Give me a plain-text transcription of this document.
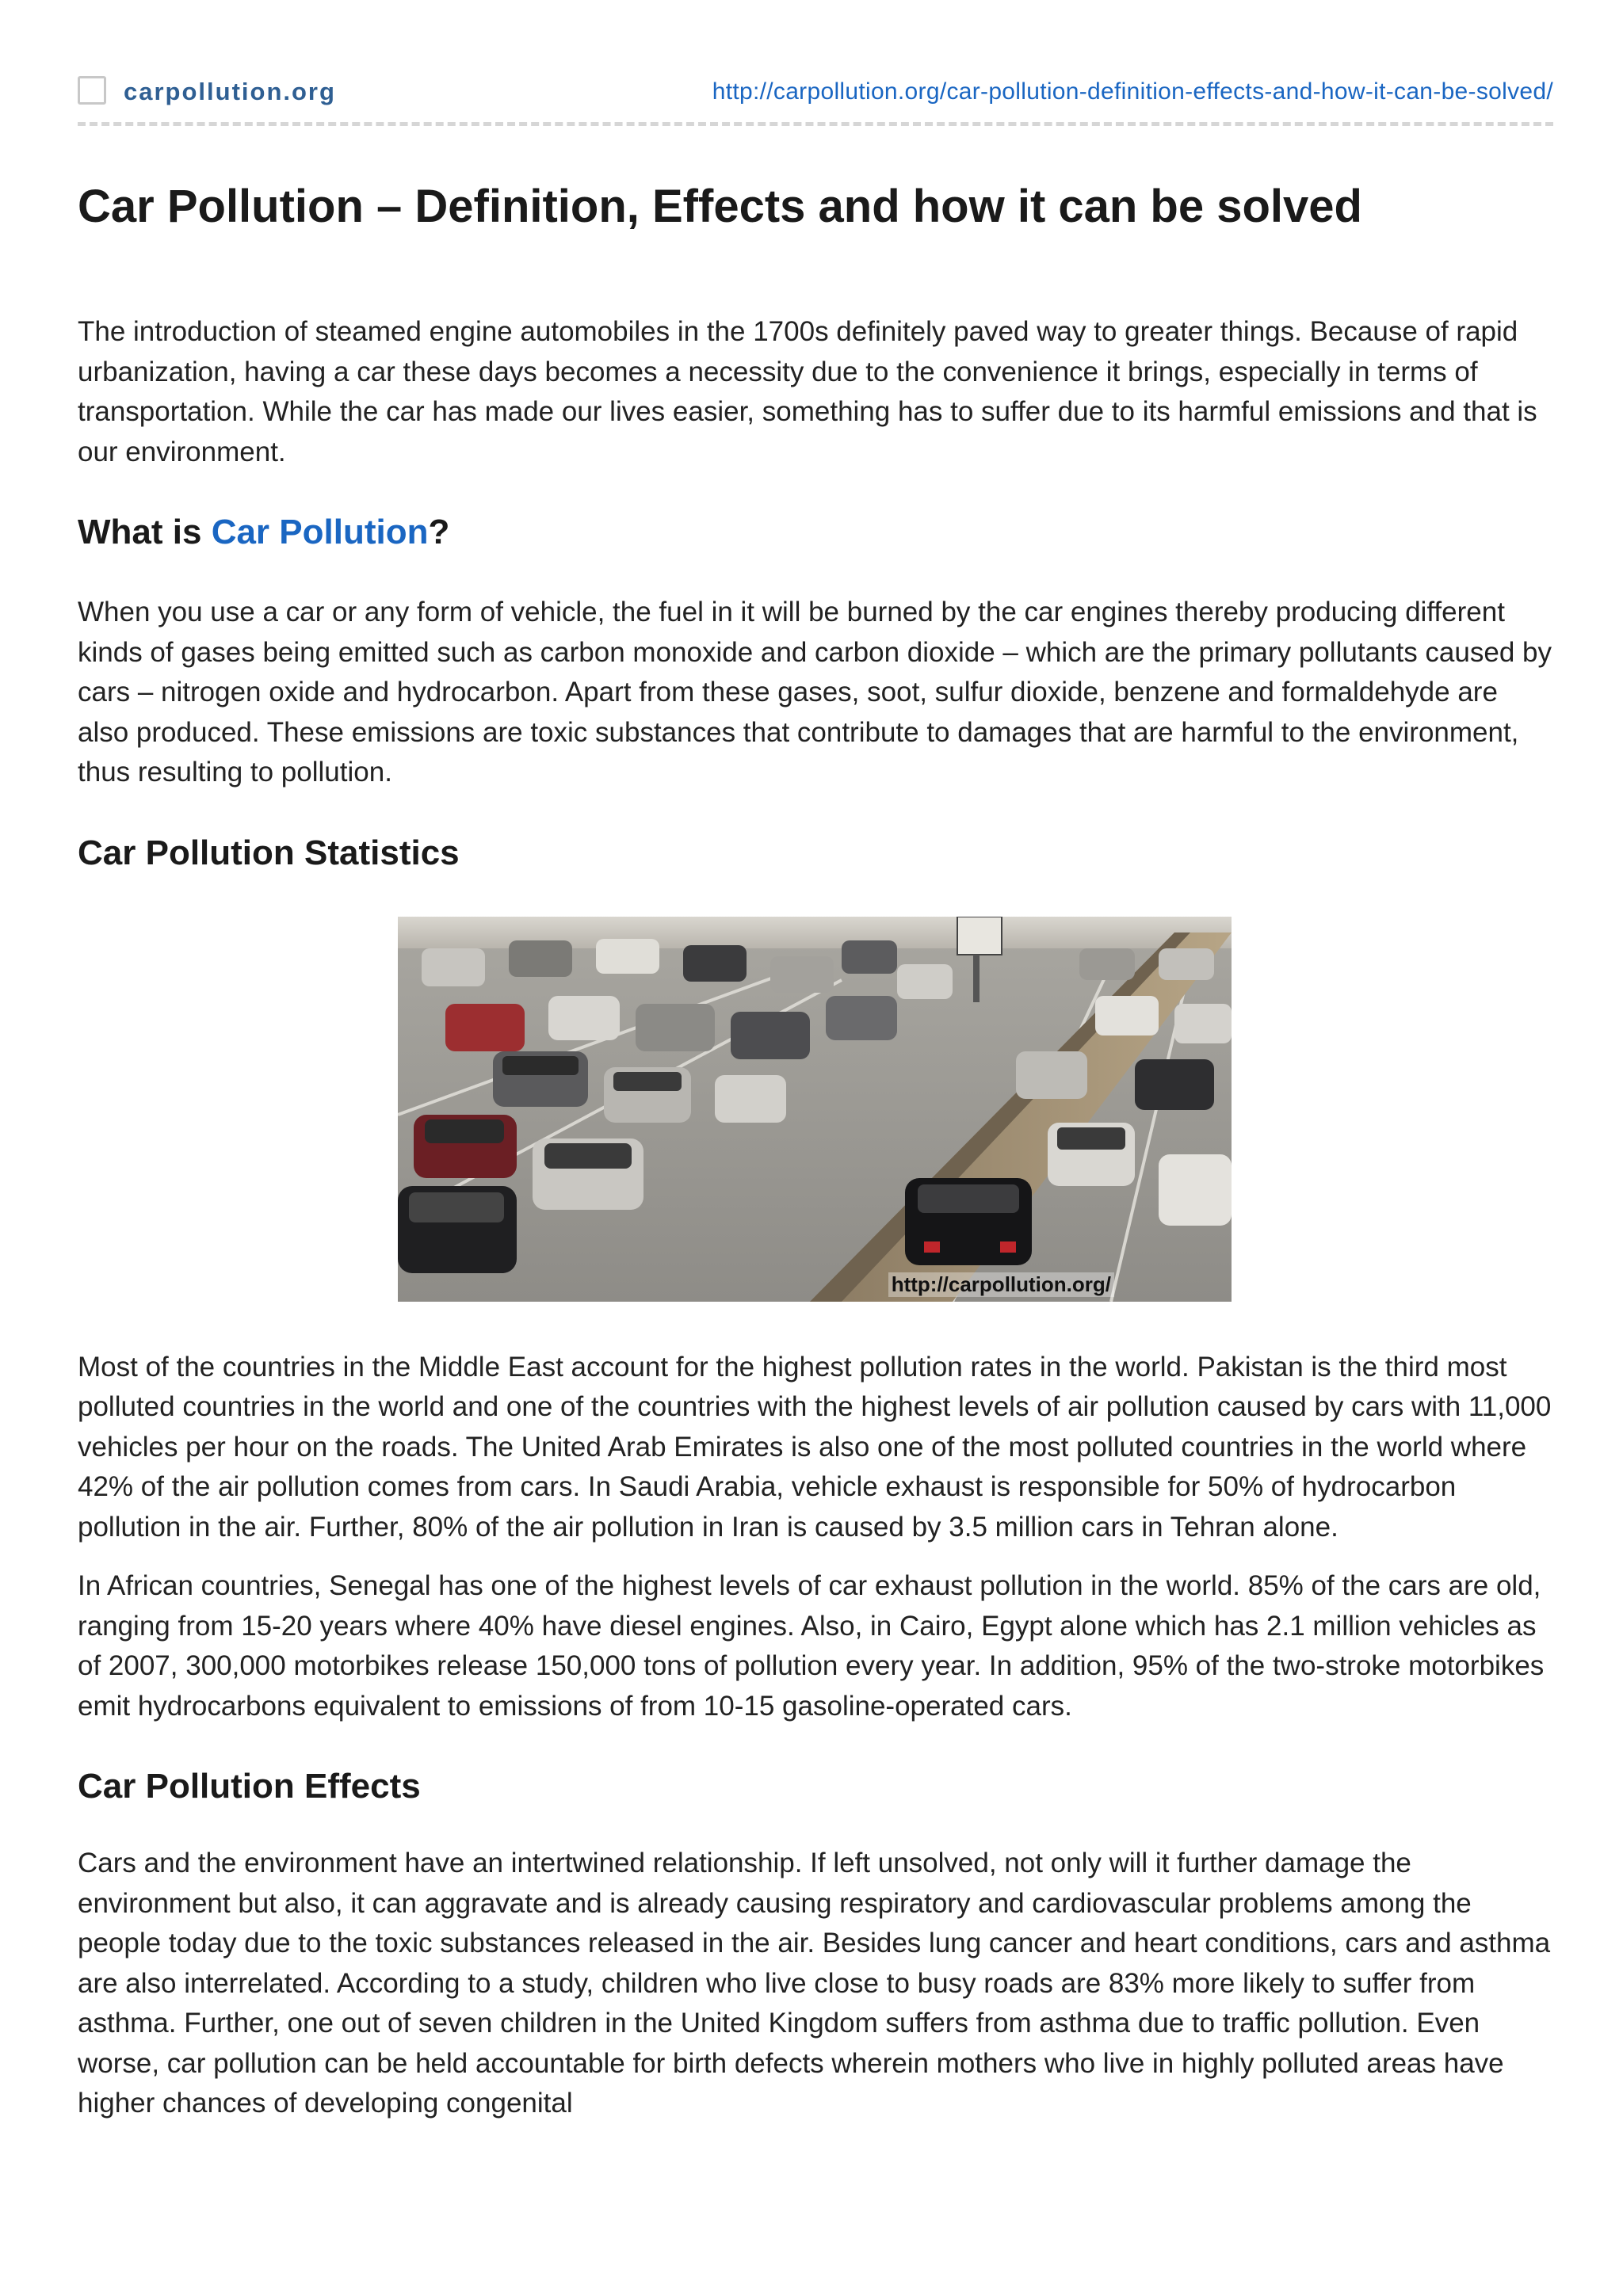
carpollution.org	http://carpollution.org/car-pollution-definition-effects-and-how-it-can-be-solved/
Car Pollution – Definition, Effects and how it can be solved

The introduction of steamed engine automobiles in the 1700s definitely paved way to greater things. Because of rapid urbanization, having a car these days becomes a necessity due to the convenience it brings, especially in terms of transportation. While the car has made our lives easier, something has to suffer due to its harmful emissions and that is our environment.

What is Car Pollution?

When you use a car or any form of vehicle, the fuel in it will be burned by the car engines thereby producing different kinds of gases being emitted such as carbon monoxide and carbon dioxide – which are the primary pollutants caused by cars – nitrogen oxide and hydrocarbon. Apart from these gases, soot, sulfur dioxide, benzene and formaldehyde are also produced. These emissions are toxic substances that contribute to damages that are harmful to the environment, thus resulting to pollution.

Car Pollution Statistics
http://carpollution.org/

Most of the countries in the Middle East account for the highest pollution rates in the world. Pakistan is the third most polluted countries in the world and one of the countries with the highest levels of air pollution caused by cars with 11,000 vehicles per hour on the roads. The United Arab Emirates is also one of the most polluted countries in the world where 42% of the air pollution comes from cars. In Saudi Arabia, vehicle exhaust is responsible for 50% of hydrocarbon pollution in the air. Further, 80% of the air pollution in Iran is caused by 3.5 million cars in Tehran alone.

In African countries, Senegal has one of the highest levels of car exhaust pollution in the world. 85% of the cars are old, ranging from 15-20 years where 40% have diesel engines. Also, in Cairo, Egypt alone which has 2.1 million vehicles as of 2007, 300,000 motorbikes release 150,000 tons of pollution every year. In addition, 95% of the two-stroke motorbikes emit hydrocarbons equivalent to emissions of from 10-15 gasoline-operated cars.

Car Pollution Effects

Cars and the environment have an intertwined relationship. If left unsolved, not only will it further damage the environment but also, it can aggravate and is already causing respiratory and cardiovascular problems among the people today due to the toxic substances released in the air. Besides lung cancer and heart conditions, cars and asthma are also interrelated. According to a study, children who live close to busy roads are 83% more likely to suffer from asthma. Further, one out of seven children in the United Kingdom suffers from asthma due to traffic pollution. Even worse, car pollution can be held accountable for birth defects wherein mothers who live in highly polluted areas have higher chances of developing congenital
